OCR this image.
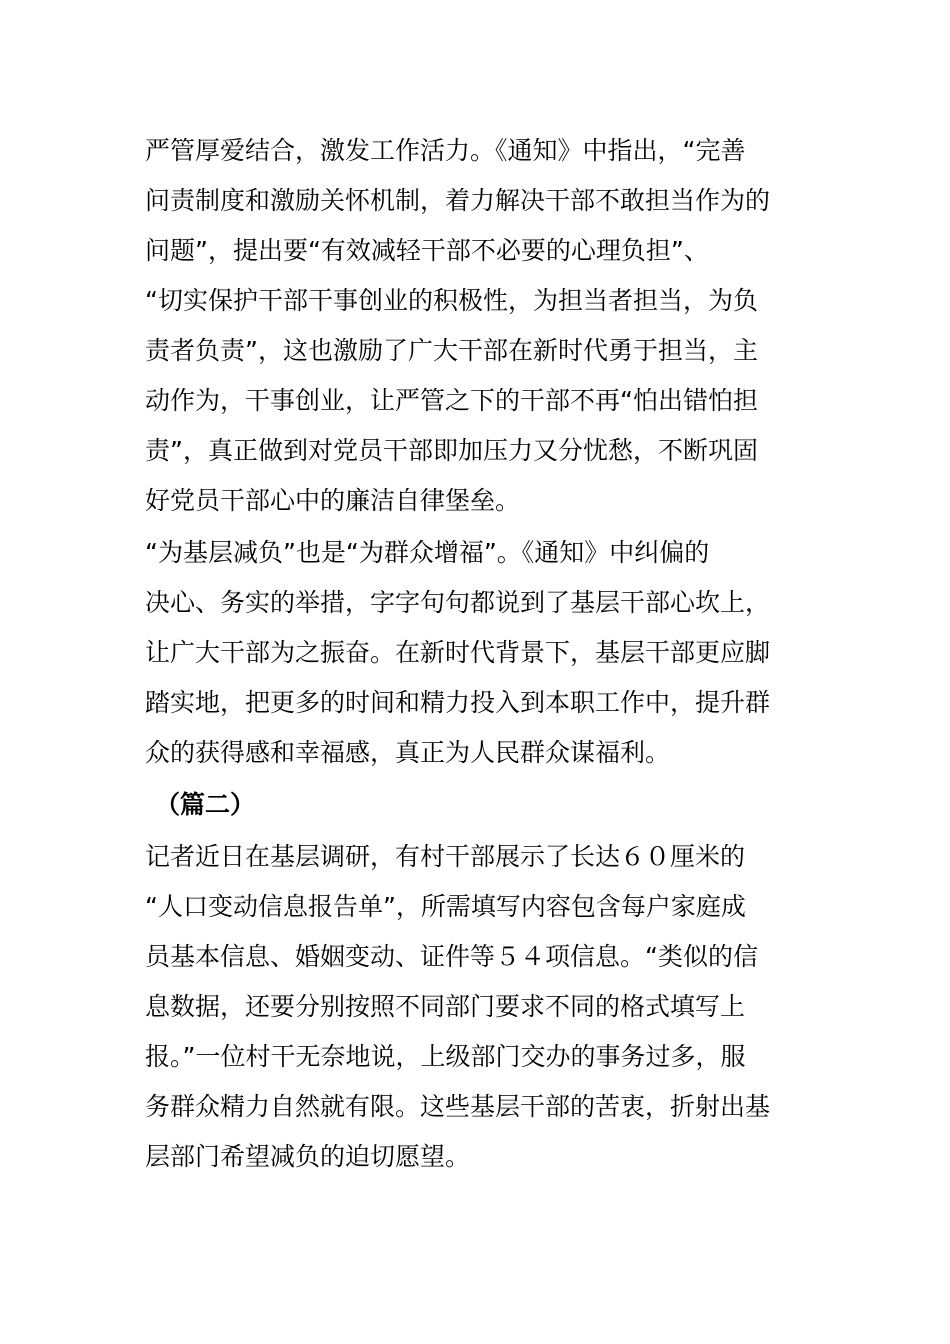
严管厚爱结合，激发工作活力。《通知》中指出，“完善
问责制度和激励关怀机制，着力解决干部不敢担当作为的
问题”，提出要“有效减轻干部不必要的心理负担”、
“切实保护干部干事创业的积极性，为担当者担当，为负
责者负责”，这也激励了广大干部在新时代勇于担当，主
动作为，干事创业，让严管之下的干部不再“怕出错怕担
责”，真正做到对党员干部即加压力又分忧愁，不断巩固
好党员干部心中的廉洁自律堡垒。
“为基层减负”也是“为群众增福”。《通知》中纠偏的
决心、务实的举措，字字句句都说到了基层干部心坎上，
让广大干部为之振奋。在新时代背景下，基层干部更应脚
踏实地，把更多的时间和精力投入到本职工作中，提升群
众的获得感和幸福感，真正为人民群众谋福利。
（篇二）
记者近日在基层调研，有村干部展示了长达６０厘米的
“人口变动信息报告单”，所需填写内容包含每户家庭成
员基本信息、婚姻变动、证件等５４项信息。“类似的信
息数据，还要分别按照不同部门要求不同的格式填写上
报。”一位村干无奈地说，上级部门交办的事务过多，服
务群众精力自然就有限。这些基层干部的苦衷，折射出基
层部门希望减负的迫切愿望。
